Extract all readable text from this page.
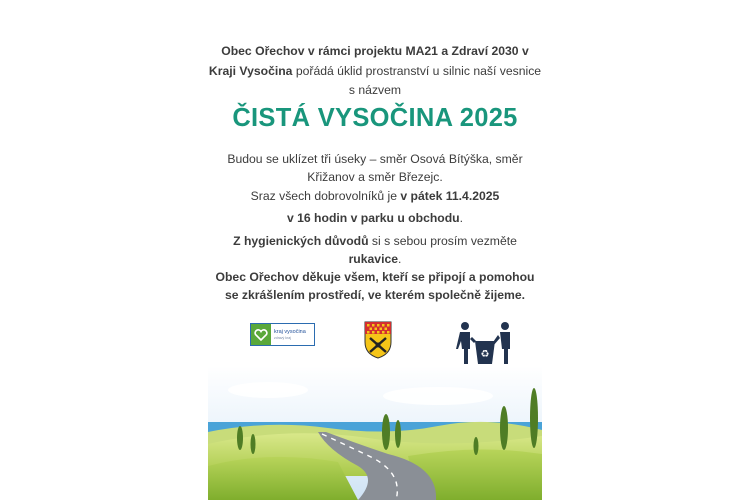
Obec Ořechov v rámci projektu MA21 a Zdraví 2030 v Kraji Vysočina pořádá úklid prostranství u silnic naší vesnice s názvem
ČISTÁ VYSOČINA 2025
Budou se uklízet tři úseky – směr Osová Bítýška, směr Křižanov a směr Březejc.
Sraz všech dobrovolníků je v pátek 11.4.2025
v 16 hodin v parku u obchodu.
Z hygienických důvodů si s sebou prosím vezměte rukavice.
Obec Ořechov děkuje všem, kteří se připojí a pomohou se zkrášlením prostředí, ve kterém společně žijeme.
kraj vysočina
zdravý kraj
♻
